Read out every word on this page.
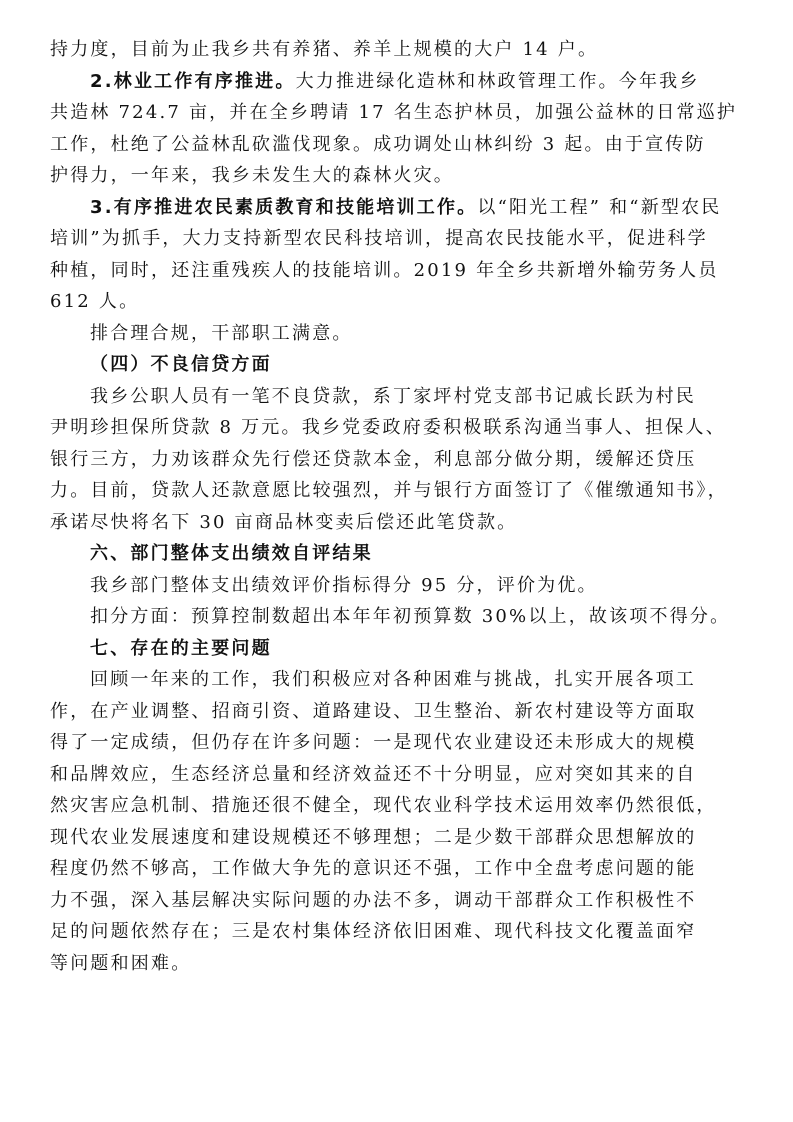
持力度，目前为止我乡共有养猪、养羊上规模的大户 14 户。
2.林业工作有序推进。大力推进绿化造林和林政管理工作。今年我乡
共造林 724.7 亩，并在全乡聘请 17 名生态护林员，加强公益林的日常巡护
工作，杜绝了公益林乱砍滥伐现象。成功调处山林纠纷 3 起。由于宣传防
护得力，一年来，我乡未发生大的森林火灾。
3.有序推进农民素质教育和技能培训工作。以“阳光工程” 和“新型农民
培训”为抓手，大力支持新型农民科技培训，提高农民技能水平，促进科学
种植，同时，还注重残疾人的技能培训。2019 年全乡共新增外输劳务人员
612 人。
排合理合规，干部职工满意。
（四）不良信贷方面
我乡公职人员有一笔不良贷款，系丁家坪村党支部书记戚长跃为村民
尹明珍担保所贷款 8 万元。我乡党委政府委积极联系沟通当事人、担保人、
银行三方，力劝该群众先行偿还贷款本金，利息部分做分期，缓解还贷压
力。目前，贷款人还款意愿比较强烈，并与银行方面签订了《催缴通知书》，
承诺尽快将名下 30 亩商品林变卖后偿还此笔贷款。
六、部门整体支出绩效自评结果
我乡部门整体支出绩效评价指标得分 95 分，评价为优。
扣分方面：预算控制数超出本年年初预算数 30%以上，故该项不得分。
七、存在的主要问题
回顾一年来的工作，我们积极应对各种困难与挑战，扎实开展各项工
作，在产业调整、招商引资、道路建设、卫生整治、新农村建设等方面取
得了一定成绩，但仍存在许多问题：一是现代农业建设还未形成大的规模
和品牌效应，生态经济总量和经济效益还不十分明显，应对突如其来的自
然灾害应急机制、措施还很不健全，现代农业科学技术运用效率仍然很低，
现代农业发展速度和建设规模还不够理想；二是少数干部群众思想解放的
程度仍然不够高，工作做大争先的意识还不强，工作中全盘考虑问题的能
力不强，深入基层解决实际问题的办法不多，调动干部群众工作积极性不
足的问题依然存在；三是农村集体经济依旧困难、现代科技文化覆盖面窄
等问题和困难。
